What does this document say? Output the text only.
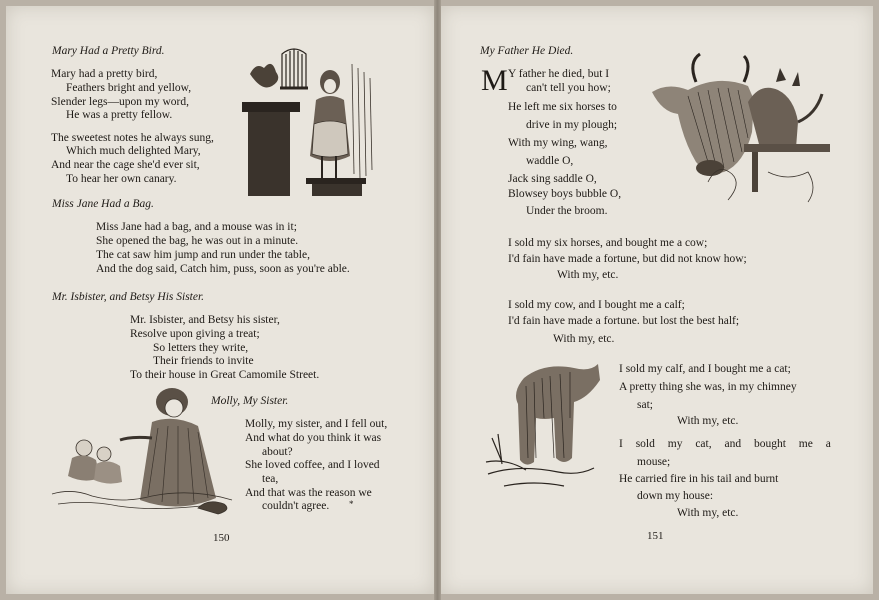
Mary Had a Pretty Bird.
Mary had a pretty bird,
Feathers bright and yellow,
Slender legs—upon my word,
He was a pretty fellow.
The sweetest notes he always sung,
Which much delighted Mary,
And near the cage she'd ever sit,
To hear her own canary.
Miss Jane Had a Bag.
Miss Jane had a bag, and a mouse was in it;
She opened the bag, he was out in a minute.
The cat saw him jump and run under the table,
And the dog said, Catch him, puss, soon as you're able.
Mr. Isbister, and Betsy His Sister.
Mr. Isbister, and Betsy his sister,
Resolve upon giving a treat;
So letters they write,
Their friends to invite
To their house in Great Camomile Street.
Molly, My Sister.
Molly, my sister, and I fell out,
And what do you think it was
about?
She loved coffee, and I loved
tea,
And that was the reason we
couldn't agree. *
150
My Father He Died.
M Y father he died, but I
can't tell you how;
He left me six horses to
drive in my plough;
With my wing, wang,
waddle O,
Jack sing saddle O,
Blowsey boys bubble O,
Under the broom.
I sold my six horses, and bought me a cow;
I'd fain have made a fortune, but did not know how;
With my, etc.
I sold my cow, and I bought me a calf;
I'd fain have made a fortune. but lost the best half;
With my, etc.
I sold my calf, and I bought me a cat;
A pretty thing she was, in my chimney
sat;
With my, etc.
I sold my cat, and bought me a
mouse;
He carried fire in his tail and burnt
down my house:
With my, etc.
151
